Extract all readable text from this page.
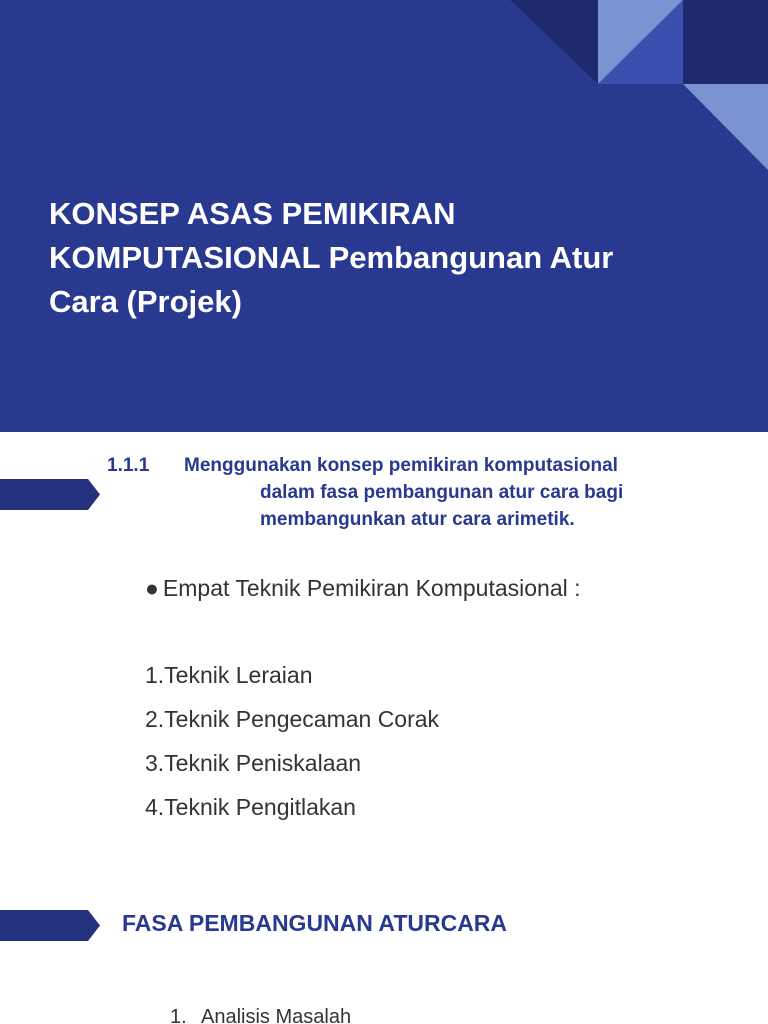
KONSEP ASAS PEMIKIRAN KOMPUTASIONAL Pembangunan Atur Cara (Projek)
1.1.1 Menggunakan konsep pemikiran komputasional
dalam fasa pembangunan atur cara bagi
membangunkan atur cara arimetik.

● Empat Teknik Pemikiran Komputasional :

1.Teknik Leraian
2.Teknik Pengecaman Corak
3.Teknik Peniskalaan
4.Teknik Pengitlakan
FASA PEMBANGUNAN ATURCARA
1. Analisis Masalah
